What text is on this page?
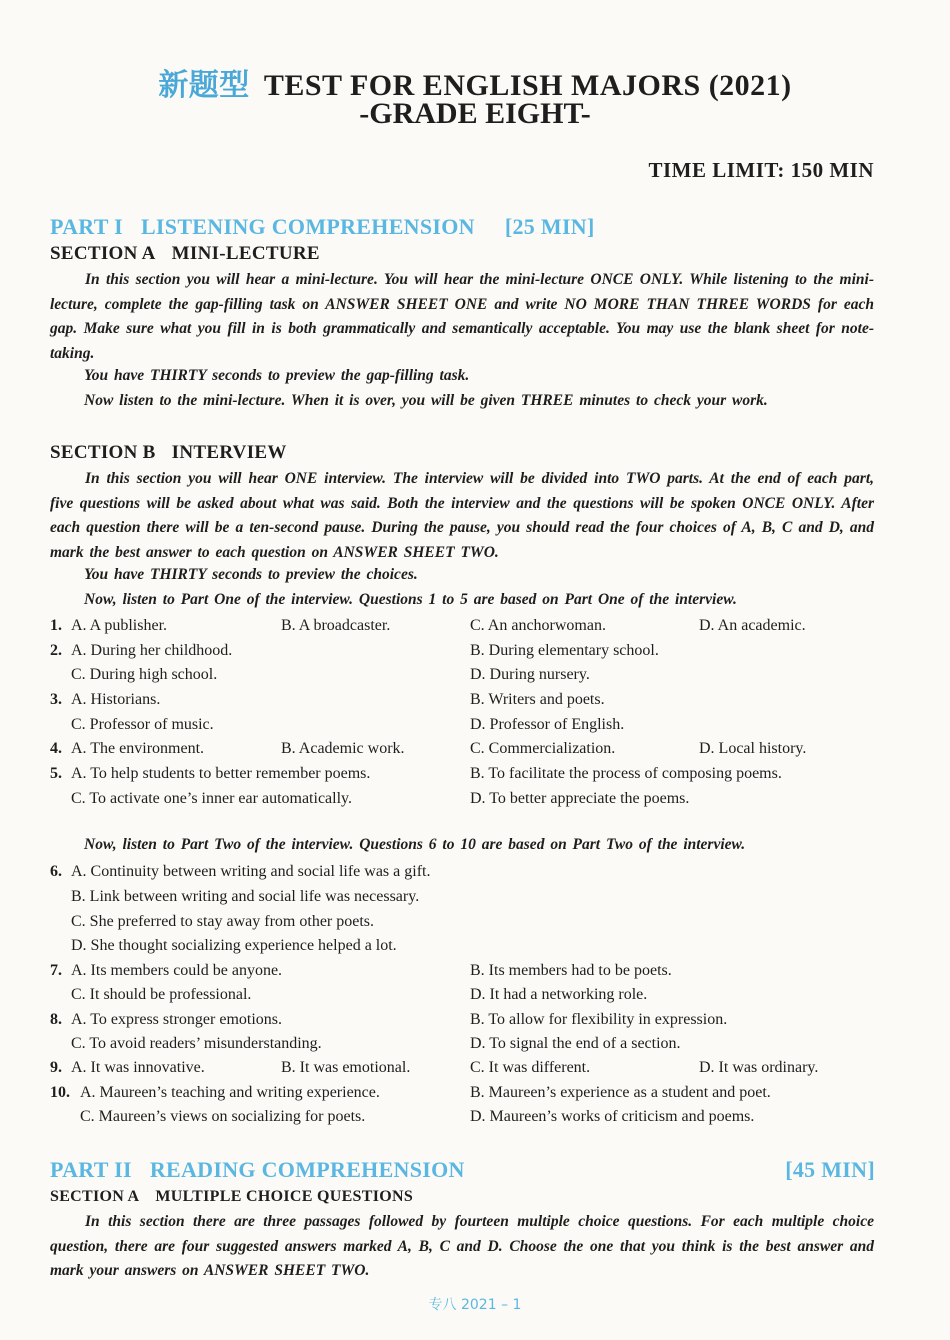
新题型 TEST FOR ENGLISH MAJORS (2021)
-GRADE EIGHT-
TIME LIMIT: 150 MIN
PART I LISTENING COMPREHENSION [25 MIN]
SECTION A MINI-LECTURE

In this section you will hear a mini-lecture. You will hear the mini-lecture ONCE ONLY. While listening to the mini-lecture, complete the gap-filling task on ANSWER SHEET ONE and write NO MORE THAN THREE WORDS for each gap. Make sure what you fill in is both grammatically and semantically acceptable. You may use the blank sheet for note-taking.

You have THIRTY seconds to preview the gap-filling task.
Now listen to the mini-lecture. When it is over, you will be given THREE minutes to check your work.
SECTION B INTERVIEW

In this section you will hear ONE interview. The interview will be divided into TWO parts. At the end of each part, five questions will be asked about what was said. Both the interview and the questions will be spoken ONCE ONLY. After each question there will be a ten-second pause. During the pause, you should read the four choices of A, B, C and D, and mark the best answer to each question on ANSWER SHEET TWO.

You have THIRTY seconds to preview the choices.
Now, listen to Part One of the interview. Questions 1 to 5 are based on Part One of the interview.
1. A. A publisher.	B. A broadcaster.	C. An anchorwoman.	D. An academic.
2. A. During her childhood.	B. During elementary school.
C. During high school.	D. During nursery.
3. A. Historians.	B. Writers and poets.
C. Professor of music.	D. Professor of English.
4. A. The environment.	B. Academic work.	C. Commercialization.	D. Local history.
5. A. To help students to better remember poems.	B. To facilitate the process of composing poems.
C. To activate one’s inner ear automatically.	D. To better appreciate the poems.
Now, listen to Part Two of the interview. Questions 6 to 10 are based on Part Two of the interview.
6. A. Continuity between writing and social life was a gift.
B. Link between writing and social life was necessary.
C. She preferred to stay away from other poets.
D. She thought socializing experience helped a lot.
7. A. Its members could be anyone.	B. Its members had to be poets.
C. It should be professional.	D. It had a networking role.
8. A. To express stronger emotions.	B. To allow for flexibility in expression.
C. To avoid readers’ misunderstanding.	D. To signal the end of a section.
9. A. It was innovative.	B. It was emotional.	C. It was different.	D. It was ordinary.
10. A. Maureen’s teaching and writing experience.	B. Maureen’s experience as a student and poet.
C. Maureen’s views on socializing for poets.	D. Maureen’s works of criticism and poems.
PART II READING COMPREHENSION	[45 MIN]
SECTION A MULTIPLE CHOICE QUESTIONS

In this section there are three passages followed by fourteen multiple choice questions. For each multiple choice question, there are four suggested answers marked A, B, C and D. Choose the one that you think is the best answer and mark your answers on ANSWER SHEET TWO.

专八 2021 – 1
